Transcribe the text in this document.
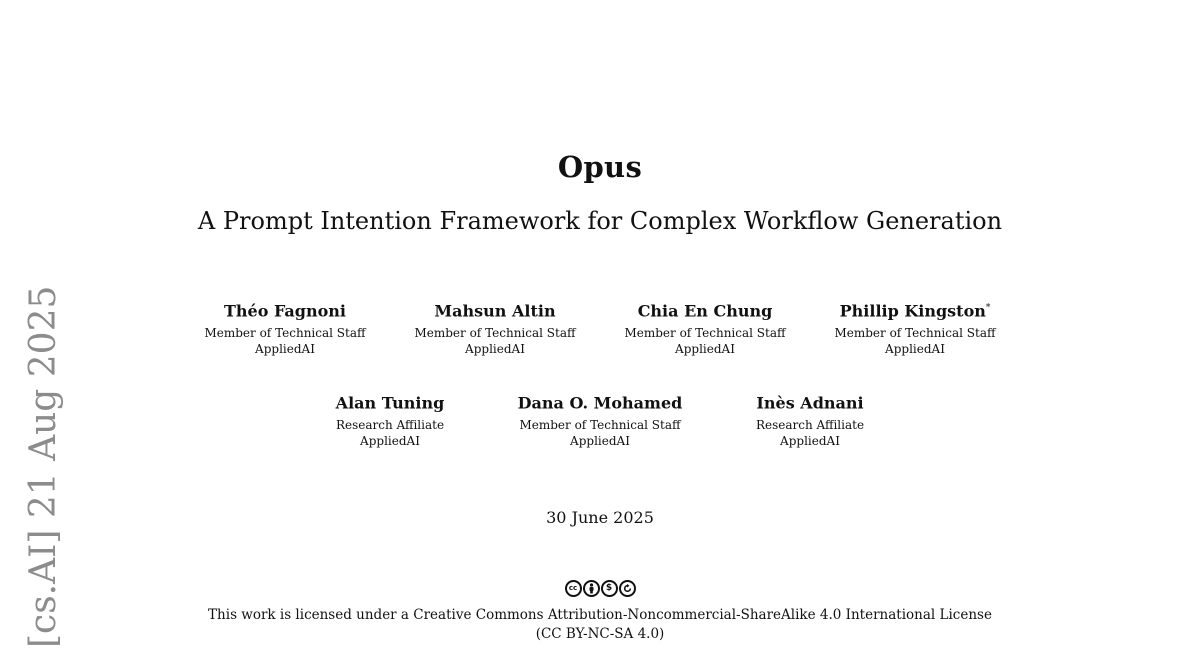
[cs.AI] 21 Aug 2025
Opus
A Prompt Intention Framework for Complex Workflow Generation
Théo Fagnoni
Member of Technical Staff
AppliedAI
Mahsun Altin
Member of Technical Staff
AppliedAI
Chia En Chung
Member of Technical Staff
AppliedAI
Phillip Kingston*
Member of Technical Staff
AppliedAI
Alan Tuning
Research Affiliate
AppliedAI
Dana O. Mohamed
Member of Technical Staff
AppliedAI
Inès Adnani
Research Affiliate
AppliedAI
30 June 2025
cc	$
This work is licensed under a Creative Commons Attribution-Noncommercial-ShareAlike 4.0 International License
(CC BY-NC-SA 4.0)
